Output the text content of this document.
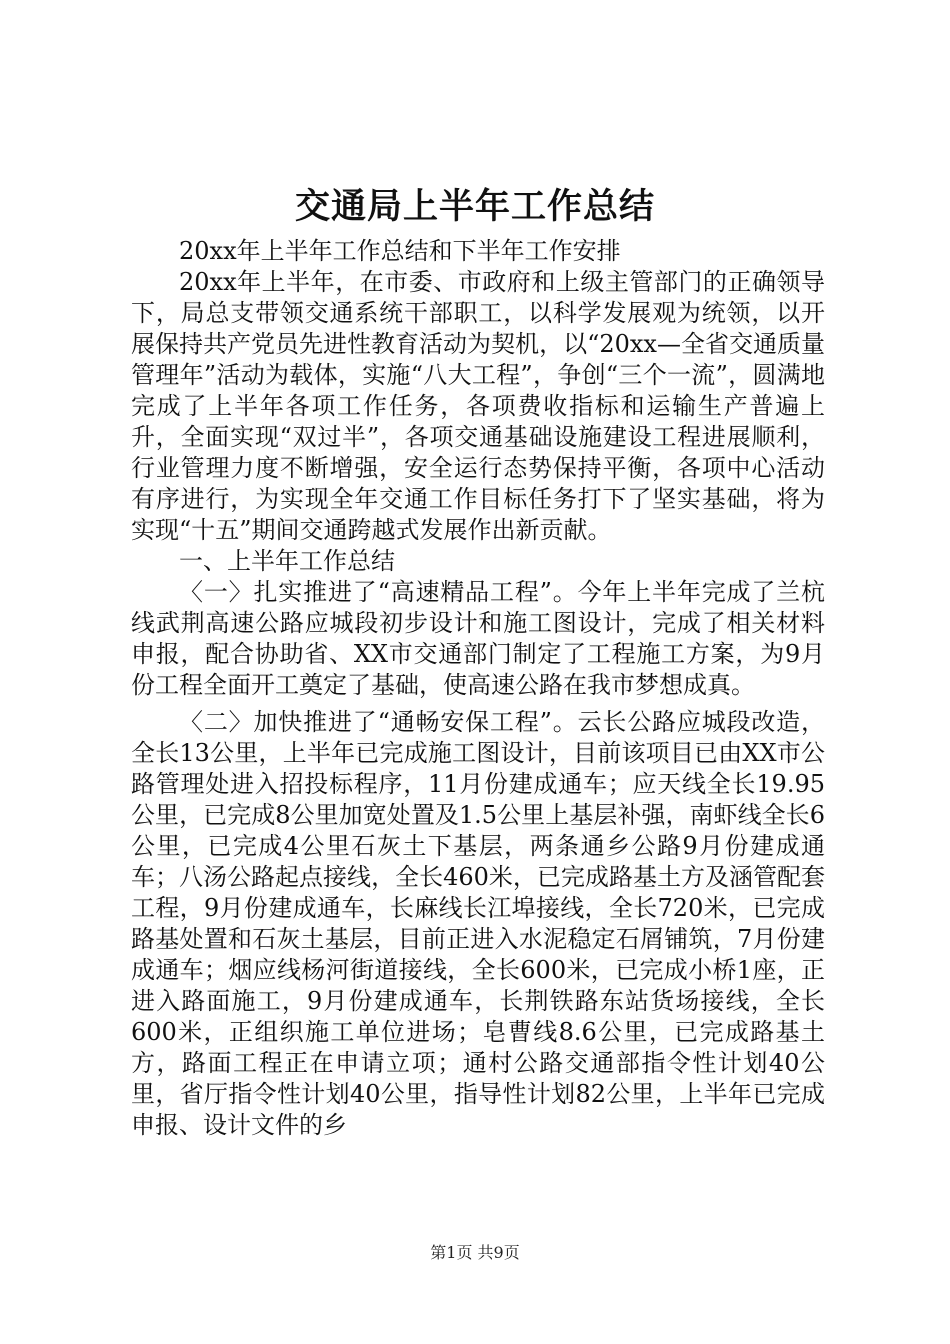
交通局上半年工作总结

20xx年上半年工作总结和下半年工作安排

20xx年上半年，在市委、市政府和上级主管部门的正确领导下，局总支带领交通系统干部职工，以科学发展观为统领，以开展保持共产党员先进性教育活动为契机，以“20xx—全省交通质量管理年”活动为载体，实施“八大工程”，争创“三个一流”，圆满地完成了上半年各项工作任务，各项费收指标和运输生产普遍上升，全面实现“双过半”，各项交通基础设施建设工程进展顺利，行业管理力度不断增强，安全运行态势保持平衡，各项中心活动有序进行，为实现全年交通工作目标任务打下了坚实基础，将为实现“十五”期间交通跨越式发展作出新贡献。

一、上半年工作总结

〈一〉扎实推进了“高速精品工程”。今年上半年完成了兰杭线武荆高速公路应城段初步设计和施工图设计，完成了相关材料申报，配合协助省、XX市交通部门制定了工程施工方案，为9月份工程全面开工奠定了基础，使高速公路在我市梦想成真。

〈二〉加快推进了“通畅安保工程”。云长公路应城段改造，全长13公里，上半年已完成施工图设计，目前该项目已由XX市公路管理处进入招投标程序，11月份建成通车；应天线全长19.95公里，已完成8公里加宽处置及1.5公里上基层补强，南虾线全长6公里，已完成4公里石灰土下基层，两条通乡公路9月份建成通车；八汤公路起点接线，全长460米，已完成路基土方及涵管配套工程，9月份建成通车，长麻线长江埠接线，全长720米，已完成路基处置和石灰土基层，目前正进入水泥稳定石屑铺筑，7月份建成通车；烟应线杨河街道接线，全长600米，已完成小桥1座，正进入路面施工，9月份建成通车，长荆铁路东站货场接线，全长600米，正组织施工单位进场；皂曹线8.6公里，已完成路基土方，路面工程正在申请立项；通村公路交通部指令性计划40公里，省厅指令性计划40公里，指导性计划82公里，上半年已完成申报、设计文件的乡

第1页 共9页
